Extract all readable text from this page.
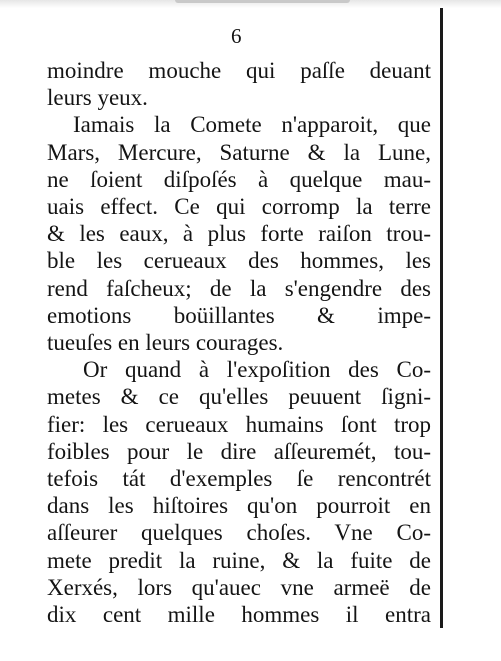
6
moindre mouche qui paſſe deuant
leurs yeux.
Iamais la Comete n'apparoit, que
Mars, Mercure, Saturne & la Lune,
ne ſoient diſpoſés à quelque mau-
uais effect. Ce qui corromp la terre
& les eaux, à plus forte raiſon trou-
ble les cerueaux des hommes, les
rend faſcheux; de la s'engendre des
emotions boüillantes & impe-
tueuſes en leurs courages.
Or quand à l'expoſition des Co-
metes & ce qu'elles peuuent ſigni-
fier: les cerueaux humains ſont trop
foibles pour le dire aſſeuremét, tou-
tefois tát d'exemples ſe rencontrét
dans les hiſtoires qu'on pourroit en
aſſeurer quelques choſes. Vne Co-
mete predit la ruine, & la fuite de
Xerxés, lors qu'auec vne armeë de
dix cent mille hommes il entra
